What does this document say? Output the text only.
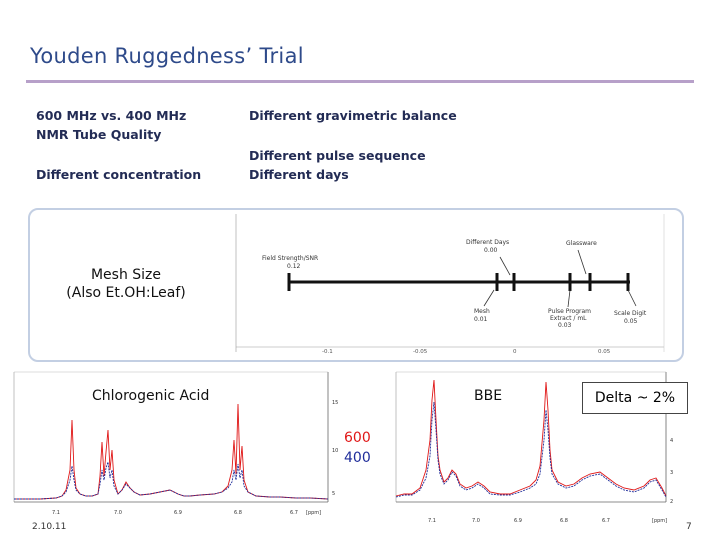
Youden Ruggedness’ Trial
600 MHz vs. 400 MHz
NMR Tube Quality
Different concentration
Different gravimetric balance
Different pulse sequence
Different days
Field Strength/SNR
0.12
Different Days
0.00
Glassware
Mesh
0.01
Pulse Program
Extract / mL
0.03
Scale Digit
0.05
-0.1	-0.05	0	0.05
Mesh Size
(Also Et.OH:Leaf)
15
10
5
7.1	7.0	6.9	6.8	6.7 [ppm]
4
3
2
7.1	7.0	6.9	6.8	6.7	[ppm]
Chlorogenic Acid	BBE	Delta ~ 2%
600
400
2.10.11	7
